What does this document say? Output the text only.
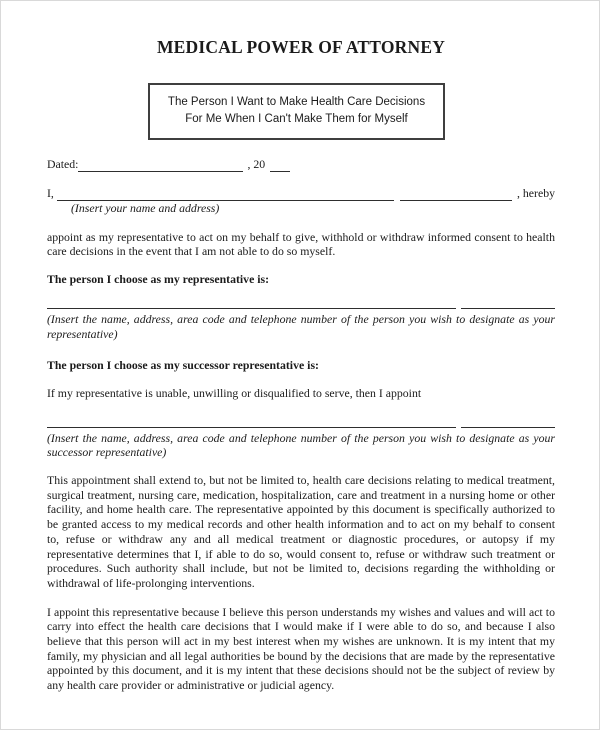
MEDICAL POWER OF ATTORNEY
The Person I Want to Make Health Care Decisions
For Me When I Can't Make Them for Myself
Dated:	, 20
I,	, hereby
(Insert your name and address)

appoint as my representative to act on my behalf to give, withhold or withdraw informed consent to health care decisions in the event that I am not able to do so myself.

The person I choose as my representative is:

(Insert the name, address, area code and telephone number of the person you wish to designate as your representative)

The person I choose as my successor representative is:

If my representative is unable, unwilling or disqualified to serve, then I appoint

(Insert the name, address, area code and telephone number of the person you wish to designate as your successor representative)

This appointment shall extend to, but not be limited to, health care decisions relating to medical treatment, surgical treatment, nursing care, medication, hospitalization, care and treatment in a nursing home or other facility, and home health care. The representative appointed by this document is specifically authorized to be granted access to my medical records and other health information and to act on my behalf to consent to, refuse or withdraw any and all medical treatment or diagnostic procedures, or autopsy if my representative determines that I, if able to do so, would consent to, refuse or withdraw such treatment or procedures. Such authority shall include, but not be limited to, decisions regarding the withholding or withdrawal of life-prolonging interventions.

I appoint this representative because I believe this person understands my wishes and values and will act to carry into effect the health care decisions that I would make if I were able to do so, and because I also believe that this person will act in my best interest when my wishes are unknown. It is my intent that my family, my physician and all legal authorities be bound by the decisions that are made by the representative appointed by this document, and it is my intent that these decisions should not be the subject of review by any health care provider or administrative or judicial agency.
